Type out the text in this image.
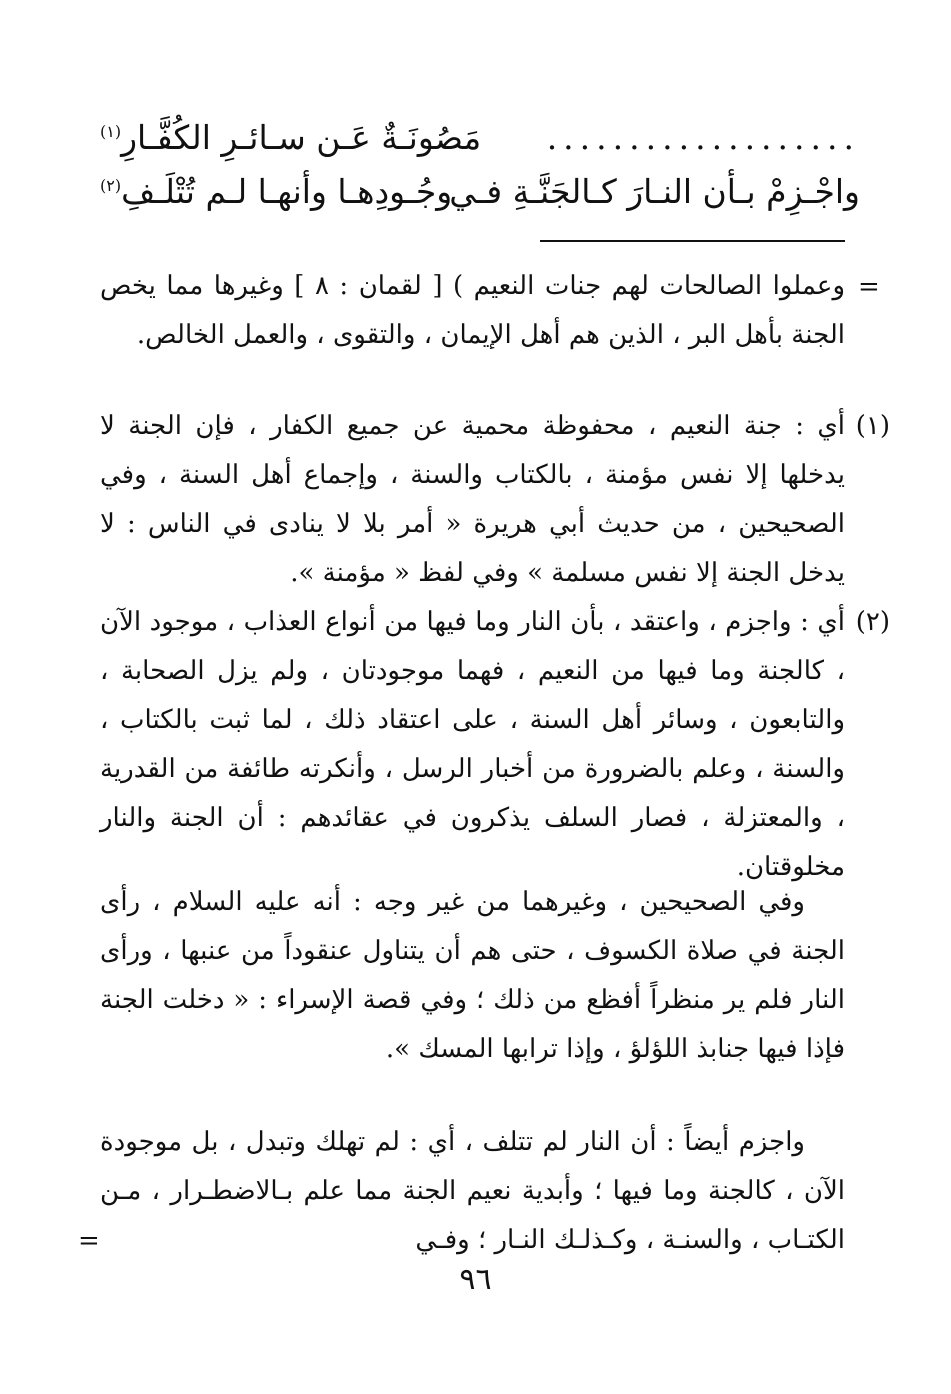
...................
مَصُونَـةٌ عَـن سـائـرِ الكُفَّـارِ$^{(١)}$
واجْـزِمْ بـأن النـارَ كـالجَنَّـةِ فـي
وجُـودِهـا وأنهـا لـم تُتْلَـفِ$^{(٢)}$
=

وعملوا الصالحات لهم جنات النعيم ) [ لقمان : ٨ ] وغيرها مما يخص الجنة بأهل البر ، الذين هم أهل الإيمان ، والتقوى ، والعمل الخالص.

(١)
أي : جنة النعيم ، محفوظة محمية عن جميع الكفار ، فإن الجنة لا يدخلها إلا نفس مؤمنة ، بالكتاب والسنة ، وإجماع أهل السنة ، وفي الصحيحين ، من حديث أبي هريرة « أمر بلا لا ينادى في الناس : لا يدخل الجنة إلا نفس مسلمة » وفي لفظ « مؤمنة ».

(٢)
أي : واجزم ، واعتقد ، بأن النار وما فيها من أنواع العذاب ، موجود الآن ، كالجنة وما فيها من النعيم ، فهما موجودتان ، ولم يزل الصحابة ، والتابعون ، وسائر أهل السنة ، على اعتقاد ذلك ، لما ثبت بالكتاب ، والسنة ، وعلم بالضرورة من أخبار الرسل ، وأنكرته طائفة من القدرية ، والمعتزلة ، فصار السلف يذكرون في عقائدهم : أن الجنة والنار مخلوقتان.

وفي الصحيحين ، وغيرهما من غير وجه : أنه عليه السلام ، رأى الجنة في صلاة الكسوف ، حتى هم أن يتناول عنقوداً من عنبها ، ورأى النار فلم ير منظراً أفظع من ذلك ؛ وفي قصة الإسراء : « دخلت الجنة فإذا فيها جنابذ اللؤلؤ ، وإذا ترابها المسك ».

واجزم أيضاً : أن النار لم تتلف ، أي : لم تهلك وتبدل ، بل موجودة الآن ، كالجنة وما فيها ؛ وأبدية نعيم الجنة مما علم بـالاضطـرار ، مـن الكتـاب ، والسنـة ، وكـذلـك النـار ؛ وفـي

=
٩٦
